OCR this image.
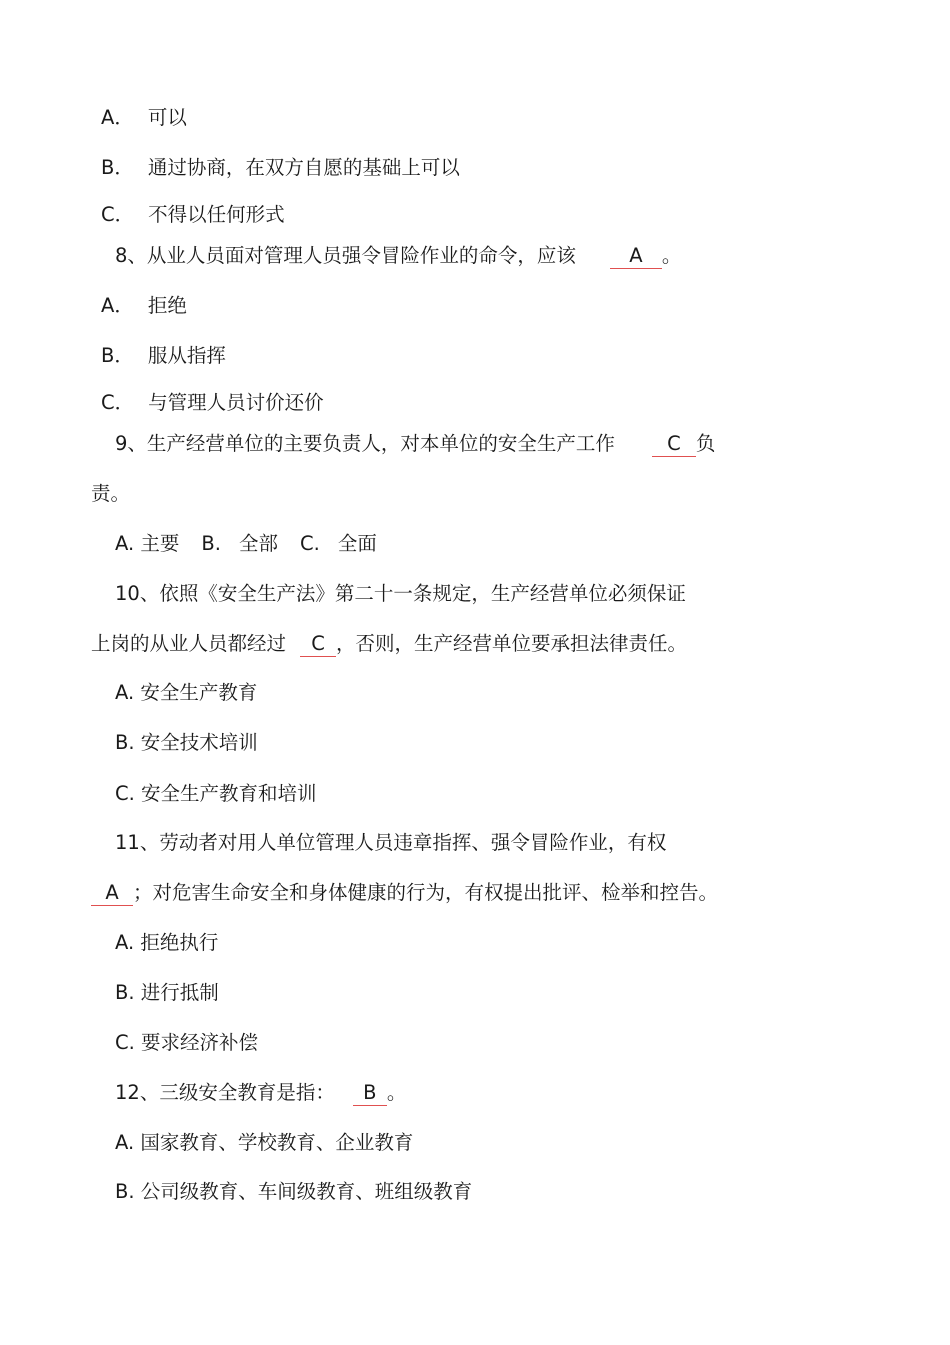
A． 可以

B． 通过协商，在双方自愿的基础上可以

C． 不得以任何形式

8、从业人员面对管理人员强令冒险作业的命令，应该	A 。

A． 拒绝

B． 服从指挥

C． 与管理人员讨价还价

9、生产经营单位的主要负责人，对本单位的安全生产工作	C 负

责。

A. 主要 B. 全部 C. 全面

10、依照《安全生产法》第二十一条规定，生产经营单位必须保证

上岗的从业人员都经过 C ，否则，生产经营单位要承担法律责任。

A. 安全生产教育

B. 安全技术培训

C. 安全生产教育和培训

11、劳动者对用人单位管理人员违章指挥、强令冒险作业，有权

A ；对危害生命安全和身体健康的行为，有权提出批评、检举和控告。

A. 拒绝执行

B. 进行抵制

C. 要求经济补偿

12、三级安全教育是指： B 。

A. 国家教育、学校教育、企业教育

B. 公司级教育、车间级教育、班组级教育
